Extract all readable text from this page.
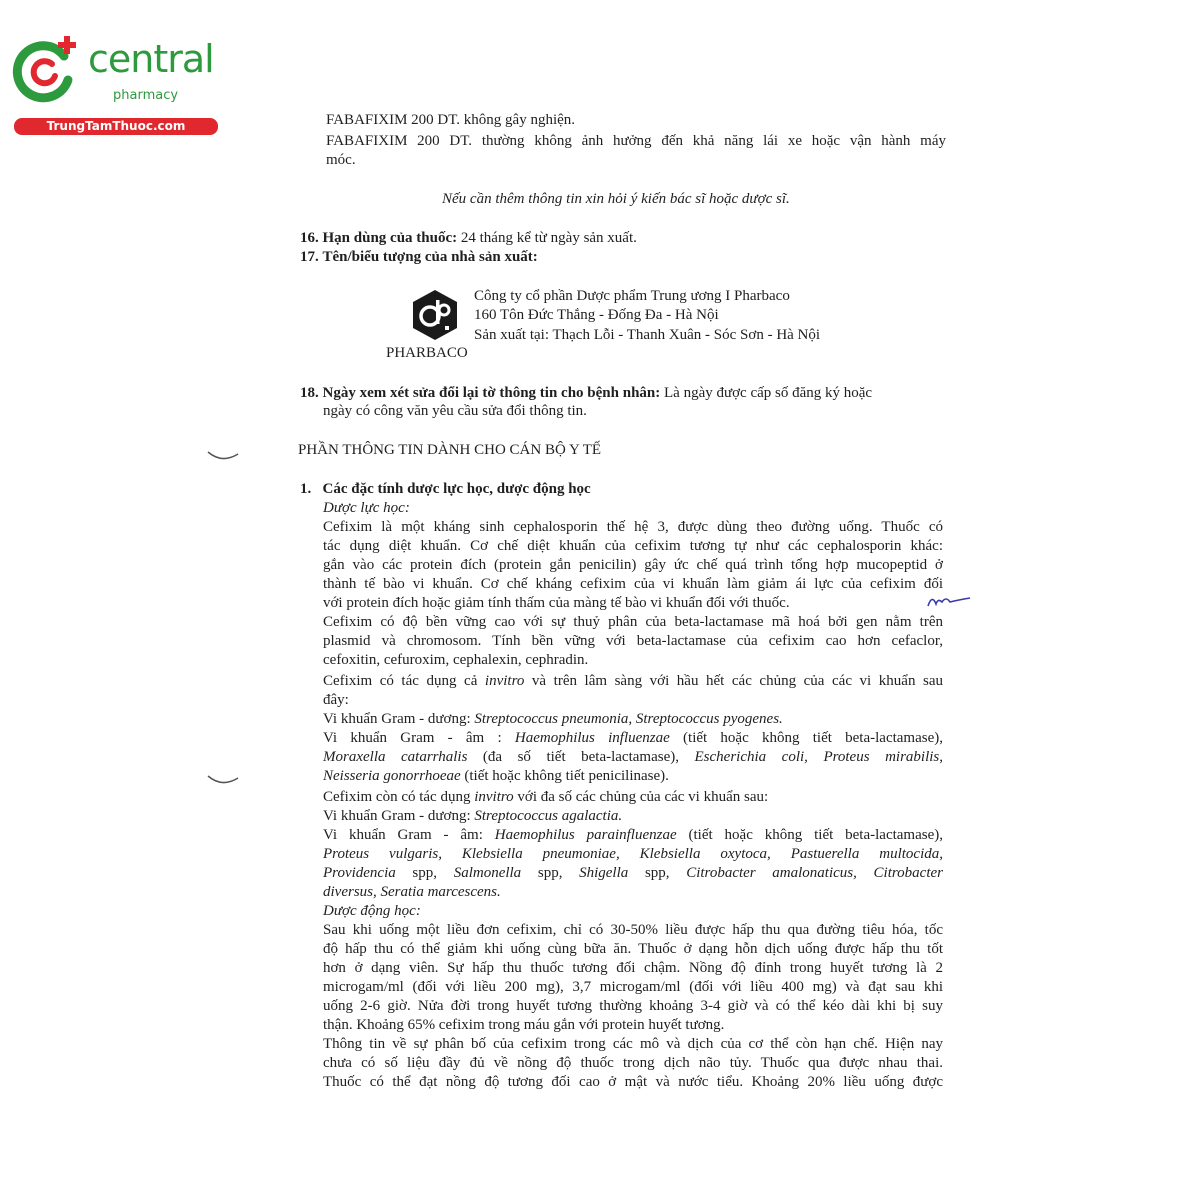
central
pharmacy
TrungTamThuoc.com	FABAFIXIM 200 DT. không gây nghiện.
FABAFIXIM 200 DT. thường không ảnh hưởng đến khả năng lái xe hoặc vận hành máy
móc.
Nếu cần thêm thông tin xin hỏi ý kiến bác sĩ hoặc dược sĩ.
16. Hạn dùng của thuốc: 24 tháng kể từ ngày sản xuất.
17. Tên/biểu tượng của nhà sản xuất:
PHARBACO
Công ty cổ phần Dược phẩm Trung ương I Pharbaco
160 Tôn Đức Thắng - Đống Đa - Hà Nội
Sản xuất tại: Thạch Lỗi - Thanh Xuân - Sóc Sơn - Hà Nội
18. Ngày xem xét sửa đổi lại tờ thông tin cho bệnh nhân: Là ngày được cấp số đăng ký hoặc
ngày có công văn yêu cầu sửa đổi thông tin.
PHẦN THÔNG TIN DÀNH CHO CÁN BỘ Y TẾ
1. Các đặc tính dược lực học, dược động học
Dược lực học:
Cefixim là một kháng sinh cephalosporin thế hệ 3, được dùng theo đường uống. Thuốc có
tác dụng diệt khuẩn. Cơ chế diệt khuẩn của cefixim tương tự như các cephalosporin khác:
gắn vào các protein đích (protein gắn penicilin) gây ức chế quá trình tổng hợp mucopeptid ở
thành tế bào vi khuẩn. Cơ chế kháng cefixim của vi khuẩn làm giảm ái lực của cefixim đối
với protein đích hoặc giảm tính thấm của màng tế bào vi khuẩn đối với thuốc.
Cefixim có độ bền vững cao với sự thuỷ phân của beta-lactamase mã hoá bởi gen nằm trên
plasmid và chromosom. Tính bền vững với beta-lactamase của cefixim cao hơn cefaclor,
cefoxitin, cefuroxim, cephalexin, cephradin.
Cefixim có tác dụng cả invitro và trên lâm sàng với hầu hết các chủng của các vi khuẩn sau
đây:
Vi khuẩn Gram - dương: Streptococcus pneumonia, Streptococcus pyogenes.
Vi khuẩn Gram - âm : Haemophilus influenzae (tiết hoặc không tiết beta-lactamase),
Moraxella catarrhalis (đa số tiết beta-lactamase), Escherichia coli, Proteus mirabilis,
Neisseria gonorrhoeae (tiết hoặc không tiết penicilinase).
Cefixim còn có tác dụng invitro với đa số các chủng của các vi khuẩn sau:
Vi khuẩn Gram - dương: Streptococcus agalactia.
Vi khuẩn Gram - âm: Haemophilus parainfluenzae (tiết hoặc không tiết beta-lactamase),
Proteus vulgaris, Klebsiella pneumoniae, Klebsiella oxytoca, Pastuerella multocida,
Providencia spp, Salmonella spp, Shigella spp, Citrobacter amalonaticus, Citrobacter
diversus, Seratia marcescens.
Dược động học:
Sau khi uống một liều đơn cefixim, chỉ có 30-50% liều được hấp thu qua đường tiêu hóa, tốc
độ hấp thu có thể giảm khi uống cùng bữa ăn. Thuốc ở dạng hỗn dịch uống được hấp thu tốt
hơn ở dạng viên. Sự hấp thu thuốc tương đối chậm. Nồng độ đỉnh trong huyết tương là 2
microgam/ml (đối với liều 200 mg), 3,7 microgam/ml (đối với liều 400 mg) và đạt sau khi
uống 2-6 giờ. Nửa đời trong huyết tương thường khoảng 3-4 giờ và có thể kéo dài khi bị suy
thận. Khoảng 65% cefixim trong máu gắn với protein huyết tương.
Thông tin về sự phân bố của cefixim trong các mô và dịch của cơ thể còn hạn chế. Hiện nay
chưa có số liệu đầy đủ về nồng độ thuốc trong dịch não tủy. Thuốc qua được nhau thai.
Thuốc có thể đạt nồng độ tương đối cao ở mật và nước tiểu. Khoảng 20% liều uống được
